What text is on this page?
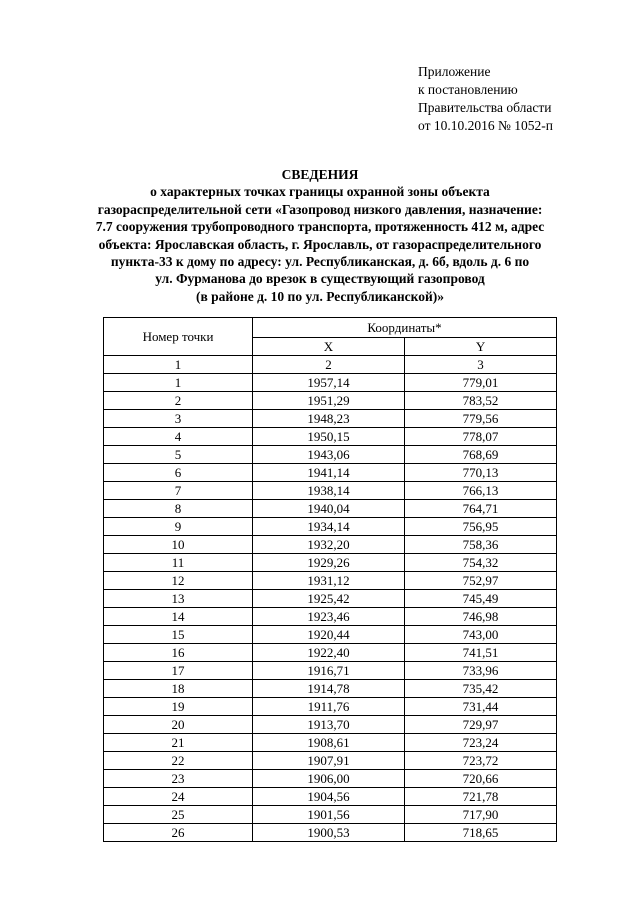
Приложение
к постановлению
Правительства области
от 10.10.2016 № 1052-п
СВЕДЕНИЯ
о характерных точках границы охранной зоны объекта
газораспределительной сети «Газопровод низкого давления, назначение:
7.7 сооружения трубопроводного транспорта, протяженность 412 м, адрес
объекта: Ярославская область, г. Ярославль, от газораспределительного
пункта-33 к дому по адресу: ул. Республиканская, д. 6б, вдоль д. 6 по
ул. Фурманова до врезок в существующий газопровод
(в районе д. 10 по ул. Республиканской)»
Номер точки	Координаты*	
	X	Y
1	2	3
1	1957,14	779,01
2	1951,29	783,52
3	1948,23	779,56
4	1950,15	778,07
5	1943,06	768,69
6	1941,14	770,13
7	1938,14	766,13
8	1940,04	764,71
9	1934,14	756,95
10	1932,20	758,36
11	1929,26	754,32
12	1931,12	752,97
13	1925,42	745,49
14	1923,46	746,98
15	1920,44	743,00
16	1922,40	741,51
17	1916,71	733,96
18	1914,78	735,42
19	1911,76	731,44
20	1913,70	729,97
21	1908,61	723,24
22	1907,91	723,72
23	1906,00	720,66
24	1904,56	721,78
25	1901,56	717,90
26	1900,53	718,65
